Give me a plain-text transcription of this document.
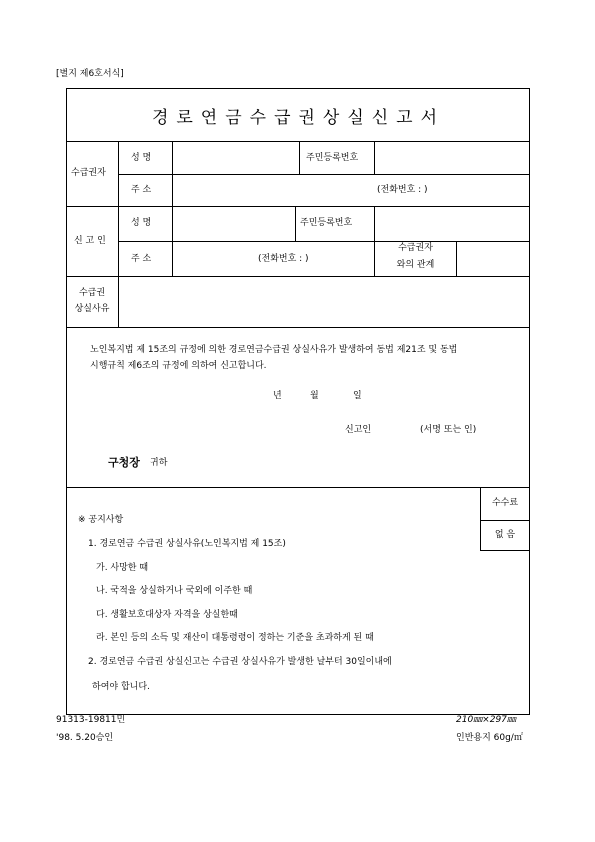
[별지 제6호서식]
경로연금수급권상실신고서
수급권자
성 명	주민등록번호
주 소	(전화번호 : )
신 고 인
성 명	주민등록번호
주 소	(전화번호 : )
수급권자
와의 관계
수급권
상실사유
노인복지법 제 15조의 규정에 의한 경로연금수급권 상실사유가 발생하여 동법 제21조 및 동법
시행규칙 제6조의 규정에 의하여 신고합니다.
년	월	일
신고인	(서명 또는 인)
구청장 귀하
수수료
없 음
※ 공지사항
1. 경로연금 수급권 상실사유(노인복지법 제 15조)
가. 사망한 때
나. 국적을 상실하거나 국외에 이주한 때
다. 생활보호대상자 자격을 상실한때
라. 본인 등의 소득 및 재산이 대통령령이 정하는 기준을 초과하게 된 때
2. 경로연금 수급권 상실신고는 수급권 상실사유가 발생한 날부터 30일이내에
하여야 합니다.
91313-19811민
'98. 5.20승인
210㎜×297㎜
인반용지 60g/㎡
